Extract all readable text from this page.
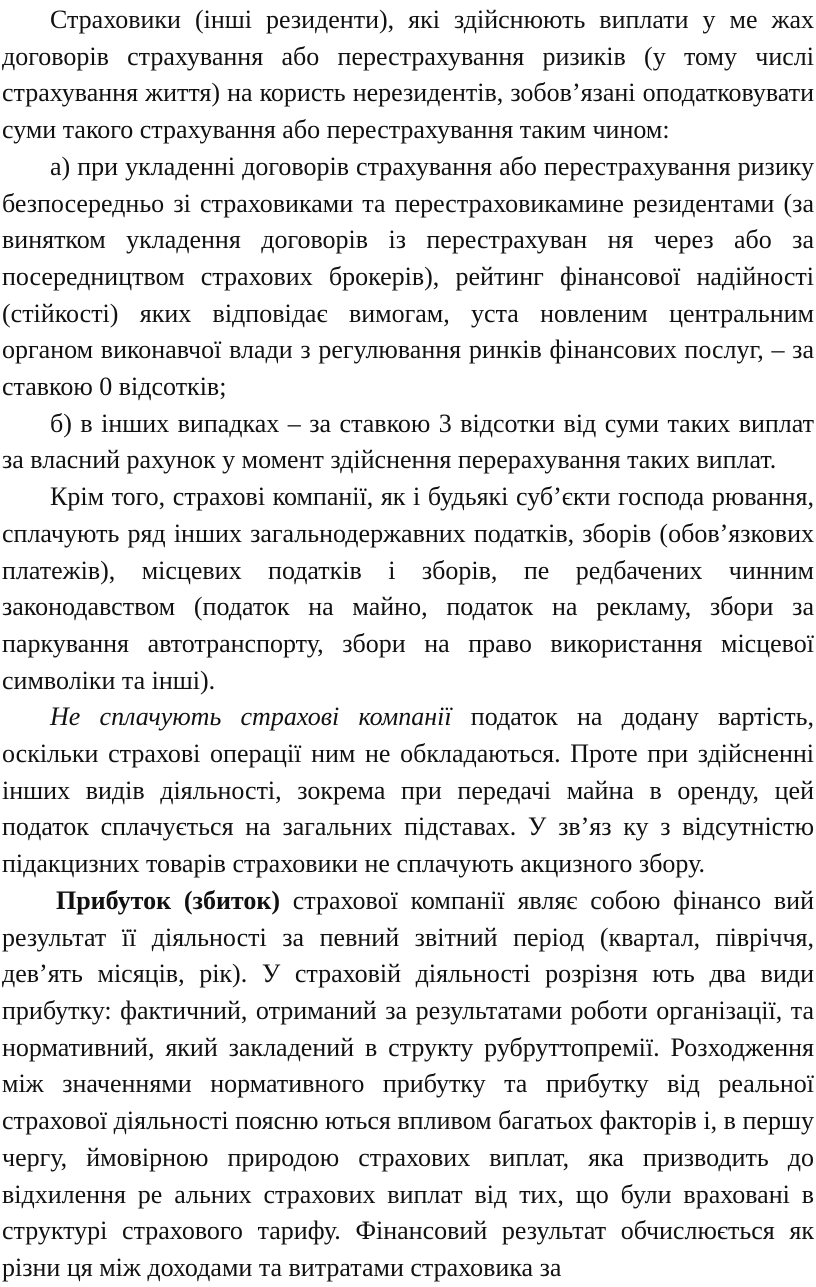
Страховики (інші резиденти), які здійснюють виплати у ме жах договорів страхування або перестрахування ризиків (у тому числі страхування життя) на користь нерезидентів, зобов’язані оподатковувати суми такого страхування або перестрахування таким чином:

а) при укладенні договорів страхування або перестрахування ризику безпосередньо зі страховиками та перестраховикамине резидентами (за винятком укладення договорів із перестрахуван ня через або за посередництвом страхових брокерів), рейтинг фінансової надійності (стійкості) яких відповідає вимогам, уста новленим центральним органом виконавчої влади з регулювання ринків фінансових послуг, – за ставкою 0 відсотків;

б) в інших випадках – за ставкою 3 відсотки від суми таких виплат за власний рахунок у момент здійснення перерахування таких виплат.

Крім того, страхові компанії, як і будьякі суб’єкти господа рювання, сплачують ряд інших загальнодержавних податків, зборів (обов’язкових платежів), місцевих податків і зборів, пе редбачених чинним законодавством (податок на майно, податок на рекламу, збори за паркування автотранспорту, збори на право використання місцевої символіки та інші).

Не сплачують страхові компанії податок на додану вартість, оскільки страхові операції ним не обкладаються. Проте при здійсненні інших видів діяльності, зокрема при передачі майна в оренду, цей податок сплачується на загальних підставах. У зв’яз ку з відсутністю підакцизних товарів страховики не сплачують акцизного збору.

Прибуток (збиток) страхової компанії являє собою фінансо вий результат її діяльності за певний звітний період (квартал, півріччя, дев’ять місяців, рік). У страховій діяльності розрізня ють два види прибутку: фактичний, отриманий за результатами роботи організації, та нормативний, який закладений в структу рубруттопремії. Розходження між значеннями нормативного прибутку та прибутку від реальної страхової діяльності поясню ються впливом багатьох факторів і, в першу чергу, ймовірною природою страхових виплат, яка призводить до відхилення ре альних страхових виплат від тих, що були враховані в структурі страхового тарифу. Фінансовий результат обчислюється як різни ця між доходами та витратами страховика за
